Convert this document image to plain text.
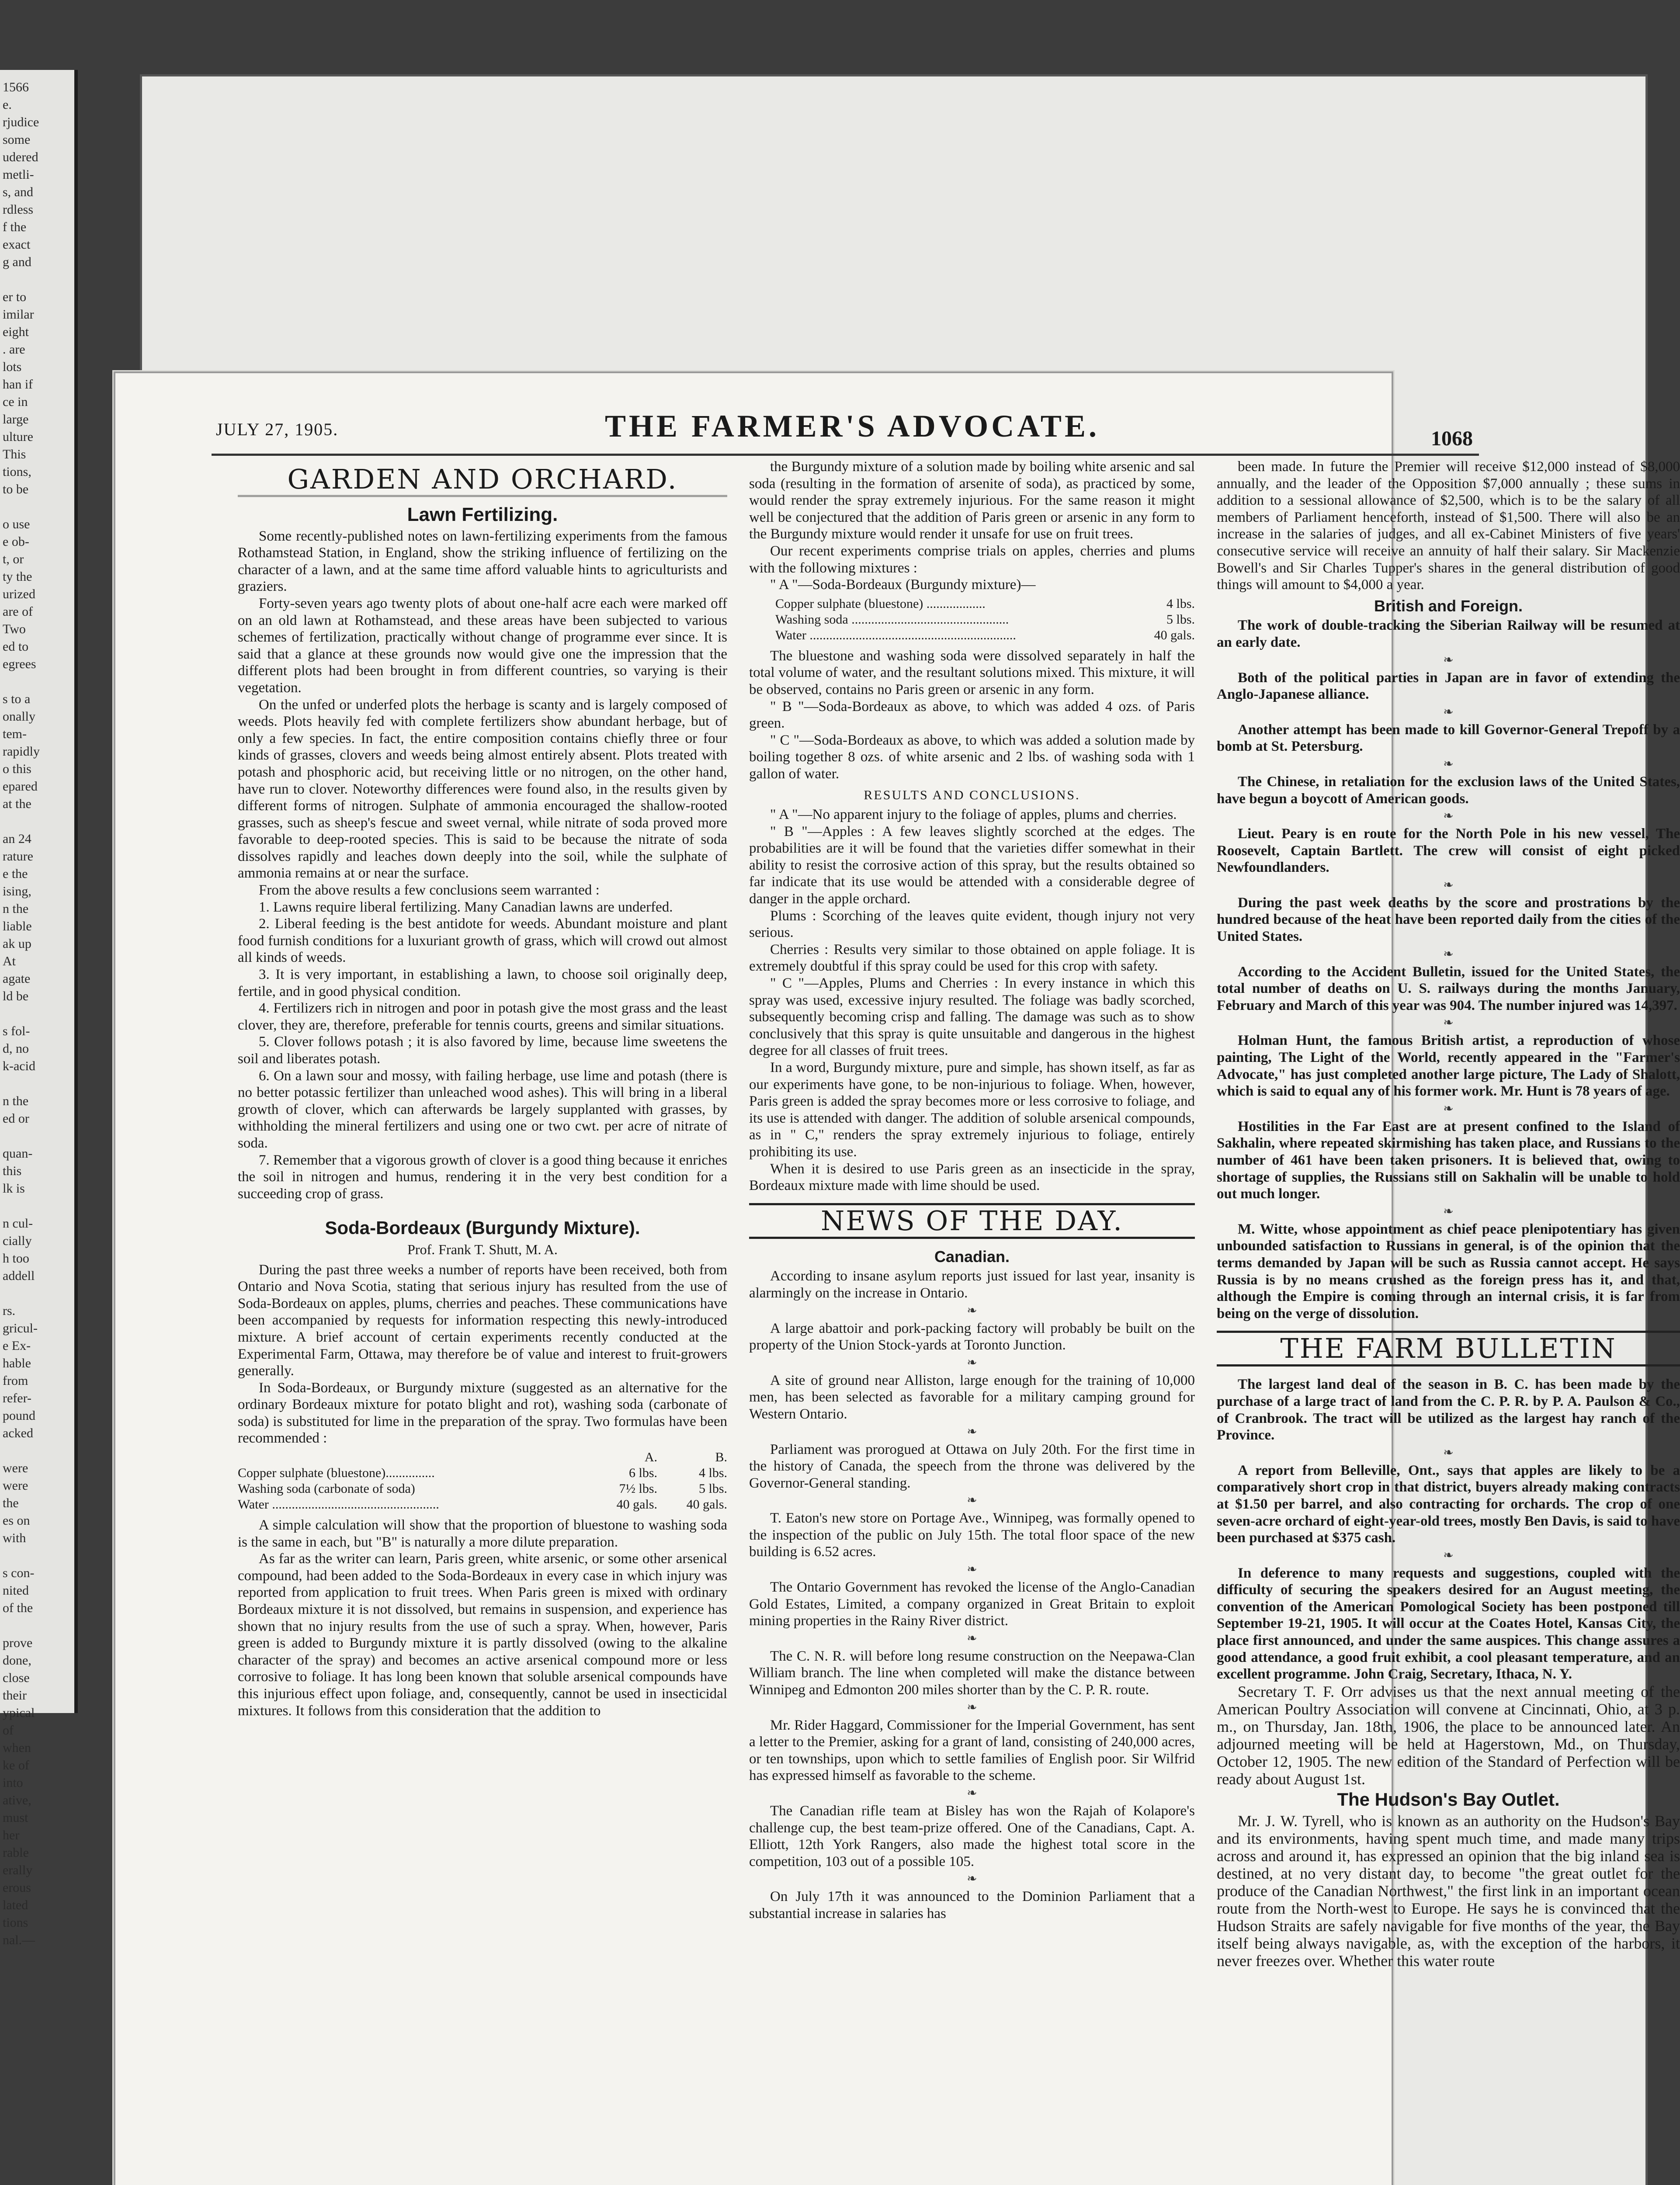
1566
e.
rjudice
some
udered
metli-
s, and
rdless
f the
exact
g and
er to
imilar
eight
. are
lots
han if
ce in
large
ulture
This
tions,
to be
o use
e ob-
t, or
ty the
urized
are of
Two
ed to
egrees
s to a
onally
tem-
rapidly
o this
epared
at the
an 24
rature
e the
ising,
n the
liable
ak up
At
agate
ld be
s fol-
d, no
k-acid
n the
ed or
quan-
this
lk is
n cul-
cially
h too
addell
rs.
gricul-
e Ex-
hable
from
refer-
pound
acked
were
were
the
es on
with
s con-
nited
of the
prove
done,
close
their
ypical
of
when
ke of
into
ative,
must
her
rable
erally
erous
lated
tions
nal.—
JULY 27, 1905.	THE FARMER'S ADVOCATE.	1068
GARDEN AND ORCHARD.
Lawn Fertilizing.

Some recently-published notes on lawn-fertilizing experiments from the famous Rothamstead Station, in England, show the striking influence of fertilizing on the character of a lawn, and at the same time afford valuable hints to agriculturists and graziers.

Forty-seven years ago twenty plots of about one-half acre each were marked off on an old lawn at Rothamstead, and these areas have been subjected to various schemes of fertilization, practically without change of programme ever since. It is said that a glance at these grounds now would give one the impression that the different plots had been brought in from different countries, so varying is their vegetation.

On the unfed or underfed plots the herbage is scanty and is largely composed of weeds. Plots heavily fed with complete fertilizers show abundant herbage, but of only a few species. In fact, the entire composition contains chiefly three or four kinds of grasses, clovers and weeds being almost entirely absent. Plots treated with potash and phosphoric acid, but receiving little or no nitrogen, on the other hand, have run to clover. Noteworthy differences were found also, in the results given by different forms of nitrogen. Sulphate of ammonia encouraged the shallow-rooted grasses, such as sheep's fescue and sweet vernal, while nitrate of soda proved more favorable to deep-rooted species. This is said to be because the nitrate of soda dissolves rapidly and leaches down deeply into the soil, while the sulphate of ammonia remains at or near the surface.

From the above results a few conclusions seem warranted :

1. Lawns require liberal fertilizing. Many Canadian lawns are underfed.

2. Liberal feeding is the best antidote for weeds. Abundant moisture and plant food furnish conditions for a luxuriant growth of grass, which will crowd out almost all kinds of weeds.

3. It is very important, in establishing a lawn, to choose soil originally deep, fertile, and in good physical condition.

4. Fertilizers rich in nitrogen and poor in potash give the most grass and the least clover, they are, therefore, preferable for tennis courts, greens and similar situations.

5. Clover follows potash ; it is also favored by lime, because lime sweetens the soil and liberates potash.

6. On a lawn sour and mossy, with failing herbage, use lime and potash (there is no better potassic fertilizer than unleached wood ashes). This will bring in a liberal growth of clover, which can afterwards be largely supplanted with grasses, by withholding the mineral fertilizers and using one or two cwt. per acre of nitrate of soda.

7. Remember that a vigorous growth of clover is a good thing because it enriches the soil in nitrogen and humus, rendering it in the very best condition for a succeeding crop of grass.

Soda-Bordeaux (Burgundy Mixture).
Prof. Frank T. Shutt, M. A.

During the past three weeks a number of reports have been received, both from Ontario and Nova Scotia, stating that serious injury has resulted from the use of Soda-Bordeaux on apples, plums, cherries and peaches. These communications have been accompanied by requests for information respecting this newly-introduced mixture. A brief account of certain experiments recently conducted at the Experimental Farm, Ottawa, may therefore be of value and interest to fruit-growers generally.

In Soda-Bordeaux, or Burgundy mixture (suggested as an alternative for the ordinary Bordeaux mixture for potato blight and rot), washing soda (carbonate of soda) is substituted for lime in the preparation of the spray. Two formulas have been recommended :

A.	B.
Copper sulphate (bluestone)...............	6 lbs.	4 lbs.
Washing soda (carbonate of soda)	7½ lbs.	5 lbs.
Water ...................................................	40 gals.	40 gals.

A simple calculation will show that the proportion of bluestone to washing soda is the same in each, but "B" is naturally a more dilute preparation.

As far as the writer can learn, Paris green, white arsenic, or some other arsenical compound, had been added to the Soda-Bordeaux in every case in which injury was reported from application to fruit trees. When Paris green is mixed with ordinary Bordeaux mixture it is not dissolved, but remains in suspension, and experience has shown that no injury results from the use of such a spray. When, however, Paris green is added to Burgundy mixture it is partly dissolved (owing to the alkaline character of the spray) and becomes an active arsenical compound more or less corrosive to foliage. It has long been known that soluble arsenical compounds have this injurious effect upon foliage, and, consequently, cannot be used in insecticidal mixtures. It follows from this consideration that the addition to

the Burgundy mixture of a solution made by boiling white arsenic and sal soda (resulting in the formation of arsenite of soda), as practiced by some, would render the spray extremely injurious. For the same reason it might well be conjectured that the addition of Paris green or arsenic in any form to the Burgundy mixture would render it unsafe for use on fruit trees.

Our recent experiments comprise trials on apples, cherries and plums with the following mixtures :

" A "—Soda-Bordeaux (Burgundy mixture)—

Copper sulphate (bluestone) ..................	4 lbs.
Washing soda ................................................	5 lbs.
Water ...............................................................	40 gals.

The bluestone and washing soda were dissolved separately in half the total volume of water, and the resultant solutions mixed. This mixture, it will be observed, contains no Paris green or arsenic in any form.

" B "—Soda-Bordeaux as above, to which was added 4 ozs. of Paris green.

" C "—Soda-Bordeaux as above, to which was added a solution made by boiling together 8 ozs. of white arsenic and 2 lbs. of washing soda with 1 gallon of water.

RESULTS AND CONCLUSIONS.

" A "—No apparent injury to the foliage of apples, plums and cherries.

" B "—Apples : A few leaves slightly scorched at the edges. The probabilities are it will be found that the varieties differ somewhat in their ability to resist the corrosive action of this spray, but the results obtained so far indicate that its use would be attended with a considerable degree of danger in the apple orchard.

Plums : Scorching of the leaves quite evident, though injury not very serious.

Cherries : Results very similar to those obtained on apple foliage. It is extremely doubtful if this spray could be used for this crop with safety.

" C "—Apples, Plums and Cherries : In every instance in which this spray was used, excessive injury resulted. The foliage was badly scorched, subsequently becoming crisp and falling. The damage was such as to show conclusively that this spray is quite unsuitable and dangerous in the highest degree for all classes of fruit trees.

In a word, Burgundy mixture, pure and simple, has shown itself, as far as our experiments have gone, to be non-injurious to foliage. When, however, Paris green is added the spray becomes more or less corrosive to foliage, and its use is attended with danger. The addition of soluble arsenical compounds, as in " C," renders the spray extremely injurious to foliage, entirely prohibiting its use.

When it is desired to use Paris green as an insecticide in the spray, Bordeaux mixture made with lime should be used.

NEWS OF THE DAY.
Canadian.

According to insane asylum reports just issued for last year, insanity is alarmingly on the increase in Ontario.

❧

A large abattoir and pork-packing factory will probably be built on the property of the Union Stock-yards at Toronto Junction.

❧

A site of ground near Alliston, large enough for the training of 10,000 men, has been selected as favorable for a military camping ground for Western Ontario.

❧

Parliament was prorogued at Ottawa on July 20th. For the first time in the history of Canada, the speech from the throne was delivered by the Governor-General standing.

❧

T. Eaton's new store on Portage Ave., Winnipeg, was formally opened to the inspection of the public on July 15th. The total floor space of the new building is 6.52 acres.

❧

The Ontario Government has revoked the license of the Anglo-Canadian Gold Estates, Limited, a company organized in Great Britain to exploit mining properties in the Rainy River district.

❧

The C. N. R. will before long resume construction on the Neepawa-Clan William branch. The line when completed will make the distance between Winnipeg and Edmonton 200 miles shorter than by the C. P. R. route.

❧

Mr. Rider Haggard, Commissioner for the Imperial Government, has sent a letter to the Premier, asking for a grant of land, consisting of 240,000 acres, or ten townships, upon which to settle families of English poor. Sir Wilfrid has expressed himself as favorable to the scheme.

❧

The Canadian rifle team at Bisley has won the Rajah of Kolapore's challenge cup, the best team-prize offered. One of the Canadians, Capt. A. Elliott, 12th York Rangers, also made the highest total score in the competition, 103 out of a possible 105.

❧

On July 17th it was announced to the Dominion Parliament that a substantial increase in salaries has

been made. In future the Premier will receive $12,000 instead of $8,000 annually, and the leader of the Opposition $7,000 annually ; these sums in addition to a sessional allowance of $2,500, which is to be the salary of all members of Parliament henceforth, instead of $1,500. There will also be an increase in the salaries of judges, and all ex-Cabinet Ministers of five years' consecutive service will receive an annuity of half their salary. Sir Mackenzie Bowell's and Sir Charles Tupper's shares in the general distribution of good things will amount to $4,000 a year.

British and Foreign.

The work of double-tracking the Siberian Railway will be resumed at an early date.

❧

Both of the political parties in Japan are in favor of extending the Anglo-Japanese alliance.

❧

Another attempt has been made to kill Governor-General Trepoff by a bomb at St. Petersburg.

❧

The Chinese, in retaliation for the exclusion laws of the United States, have begun a boycott of American goods.

❧

Lieut. Peary is en route for the North Pole in his new vessel, The Roosevelt, Captain Bartlett. The crew will consist of eight picked Newfoundlanders.

❧

During the past week deaths by the score and prostrations by the hundred because of the heat have been reported daily from the cities of the United States.

❧

According to the Accident Bulletin, issued for the United States, the total number of deaths on U. S. railways during the months January, February and March of this year was 904. The number injured was 14,397.

❧

Holman Hunt, the famous British artist, a reproduction of whose painting, The Light of the World, recently appeared in the "Farmer's Advocate," has just completed another large picture, The Lady of Shalott, which is said to equal any of his former work. Mr. Hunt is 78 years of age.

❧

Hostilities in the Far East are at present confined to the Island of Sakhalin, where repeated skirmishing has taken place, and Russians to the number of 461 have been taken prisoners. It is believed that, owing to shortage of supplies, the Russians still on Sakhalin will be unable to hold out much longer.

❧

M. Witte, whose appointment as chief peace plenipotentiary has given unbounded satisfaction to Russians in general, is of the opinion that the terms demanded by Japan will be such as Russia cannot accept. He says Russia is by no means crushed as the foreign press has it, and that, although the Empire is coming through an internal crisis, it is far from being on the verge of dissolution.

THE FARM BULLETIN

The largest land deal of the season in B. C. has been made by the purchase of a large tract of land from the C. P. R. by P. A. Paulson & Co., of Cranbrook. The tract will be utilized as the largest hay ranch of the Province.

❧

A report from Belleville, Ont., says that apples are likely to be a comparatively short crop in that district, buyers already making contracts at $1.50 per barrel, and also contracting for orchards. The crop of one seven-acre orchard of eight-year-old trees, mostly Ben Davis, is said to have been purchased at $375 cash.

❧

In deference to many requests and suggestions, coupled with the difficulty of securing the speakers desired for an August meeting, the convention of the American Pomological Society has been postponed till September 19-21, 1905. It will occur at the Coates Hotel, Kansas City, the place first announced, and under the same auspices. This change assures a good attendance, a good fruit exhibit, a cool pleasant temperature, and an excellent programme. John Craig, Secretary, Ithaca, N. Y.

Secretary T. F. Orr advises us that the next annual meeting of the American Poultry Association will convene at Cincinnati, Ohio, at 3 p. m., on Thursday, Jan. 18th, 1906, the place to be announced later. An adjourned meeting will be held at Hagerstown, Md., on Thursday, October 12, 1905. The new edition of the Standard of Perfection will be ready about August 1st.

The Hudson's Bay Outlet.

Mr. J. W. Tyrell, who is known as an authority on the Hudson's Bay and its environments, having spent much time, and made many trips across and around it, has expressed an opinion that the big inland sea is destined, at no very distant day, to become "the great outlet for the produce of the Canadian Northwest," the first link in an important ocean route from the North-west to Europe. He says he is convinced that the Hudson Straits are safely navigable for five months of the year, the Bay itself being always navigable, as, with the exception of the harbors, it never freezes over. Whether this water route
